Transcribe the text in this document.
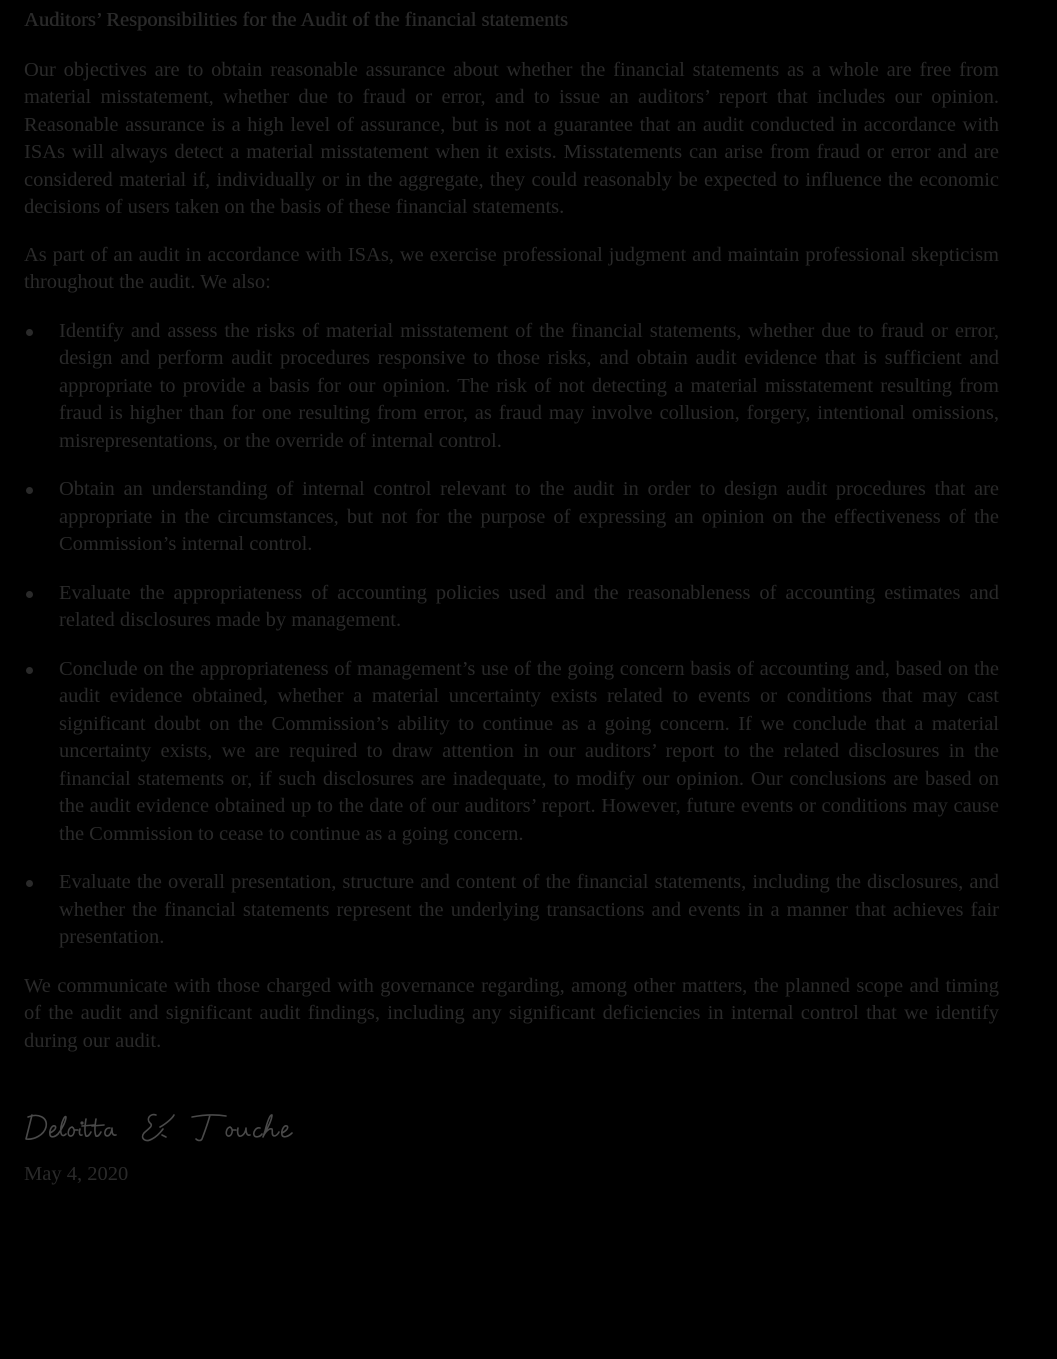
Auditors’ Responsibilities for the Audit of the financial statements

Our objectives are to obtain reasonable assurance about whether the financial statements as a whole are free from material misstatement, whether due to fraud or error, and to issue an auditors’ report that includes our opinion. Reasonable assurance is a high level of assurance, but is not a guarantee that an audit conducted in accordance with ISAs will always detect a material misstatement when it exists. Misstatements can arise from fraud or error and are considered material if, individually or in the aggregate, they could reasonably be expected to influence the economic decisions of users taken on the basis of these financial statements.

As part of an audit in accordance with ISAs, we exercise professional judgment and maintain professional skepticism throughout the audit. We also:

Identify and assess the risks of material misstatement of the financial statements, whether due to fraud or error, design and perform audit procedures responsive to those risks, and obtain audit evidence that is sufficient and appropriate to provide a basis for our opinion. The risk of not detecting a material misstatement resulting from fraud is higher than for one resulting from error, as fraud may involve collusion, forgery, intentional omissions, misrepresentations, or the override of internal control.
Obtain an understanding of internal control relevant to the audit in order to design audit procedures that are appropriate in the circumstances, but not for the purpose of expressing an opinion on the effectiveness of the Commission’s internal control.
Evaluate the appropriateness of accounting policies used and the reasonableness of accounting estimates and related disclosures made by management.
Conclude on the appropriateness of management’s use of the going concern basis of accounting and, based on the audit evidence obtained, whether a material uncertainty exists related to events or conditions that may cast significant doubt on the Commission’s ability to continue as a going concern. If we conclude that a material uncertainty exists, we are required to draw attention in our auditors’ report to the related disclosures in the financial statements or, if such disclosures are inadequate, to modify our opinion. Our conclusions are based on the audit evidence obtained up to the date of our auditors’ report. However, future events or conditions may cause the Commission to cease to continue as a going concern.
Evaluate the overall presentation, structure and content of the financial statements, including the disclosures, and whether the financial statements represent the underlying transactions and events in a manner that achieves fair presentation.

We communicate with those charged with governance regarding, among other matters, the planned scope and timing of the audit and significant audit findings, including any significant deficiencies in internal control that we identify during our audit.

May 4, 2020
